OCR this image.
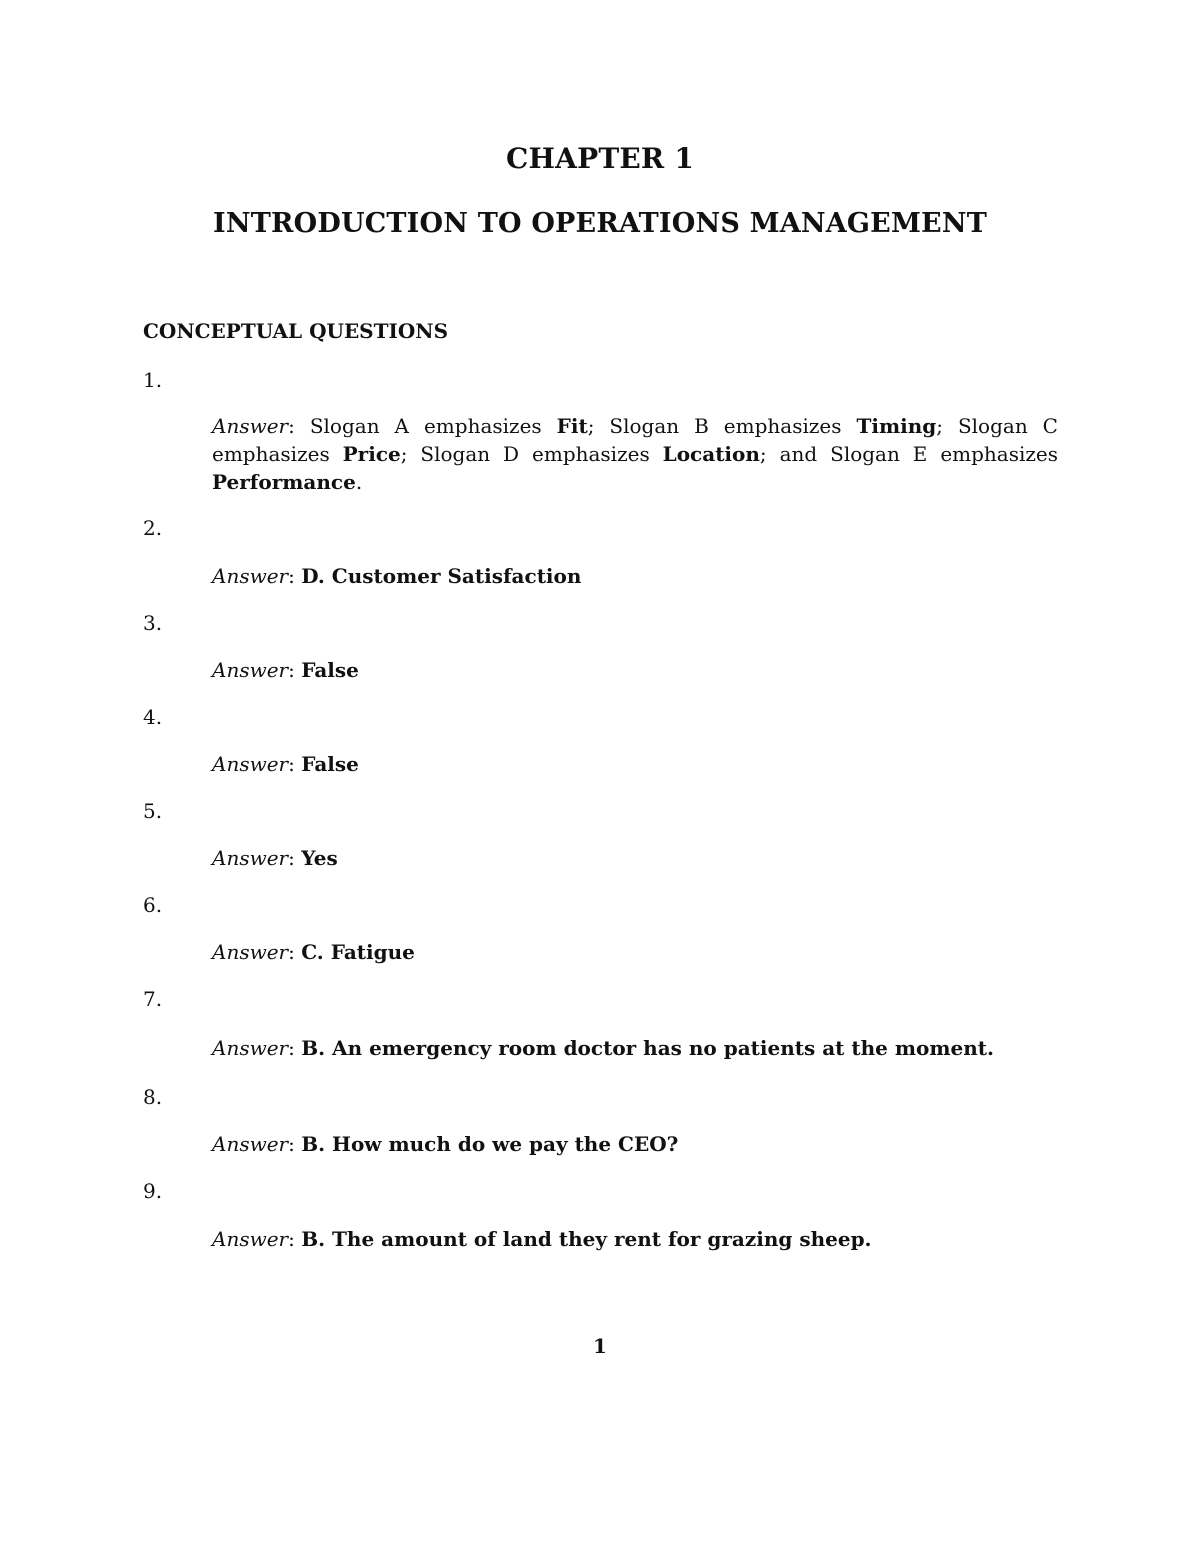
CHAPTER 1
INTRODUCTION TO OPERATIONS MANAGEMENT
CONCEPTUAL QUESTIONS
1.
Answer: Slogan A emphasizes Fit; Slogan B emphasizes Timing; Slogan C emphasizes Price; Slogan D emphasizes Location; and Slogan E emphasizes Performance.
2.
Answer: D. Customer Satisfaction
3.
Answer: False
4.
Answer: False
5.
Answer: Yes
6.
Answer: C. Fatigue
7.
Answer: B. An emergency room doctor has no patients at the moment.
8.
Answer: B. How much do we pay the CEO?
9.
Answer: B. The amount of land they rent for grazing sheep.
1
